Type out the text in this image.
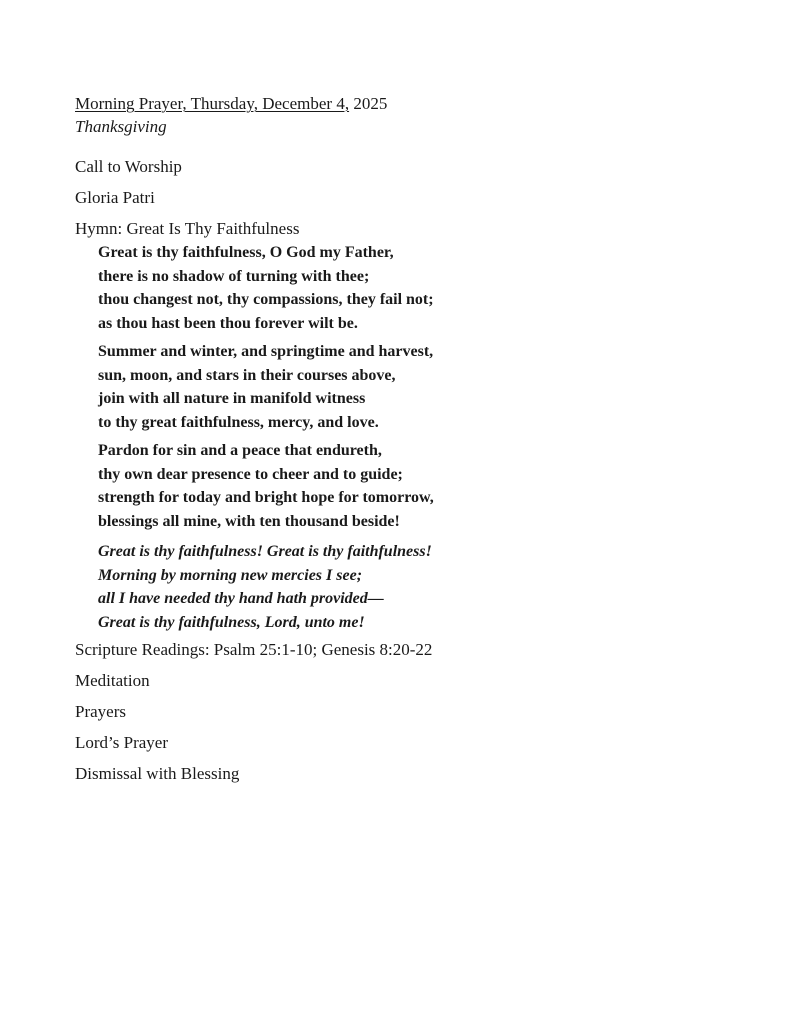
Morning Prayer, Thursday, December 4, 2025
Thanksgiving
Call to Worship
Gloria Patri
Hymn: Great Is Thy Faithfulness
Great is thy faithfulness, O God my Father,
there is no shadow of turning with thee;
thou changest not, thy compassions, they fail not;
as thou hast been thou forever wilt be.
Summer and winter, and springtime and harvest,
sun, moon, and stars in their courses above,
join with all nature in manifold witness
to thy great faithfulness, mercy, and love.
Pardon for sin and a peace that endureth,
thy own dear presence to cheer and to guide;
strength for today and bright hope for tomorrow,
blessings all mine, with ten thousand beside!
Great is thy faithfulness! Great is thy faithfulness!
Morning by morning new mercies I see;
all I have needed thy hand hath provided—
Great is thy faithfulness, Lord, unto me!
Scripture Readings: Psalm 25:1-10; Genesis 8:20-22
Meditation
Prayers
Lord’s Prayer
Dismissal with Blessing
